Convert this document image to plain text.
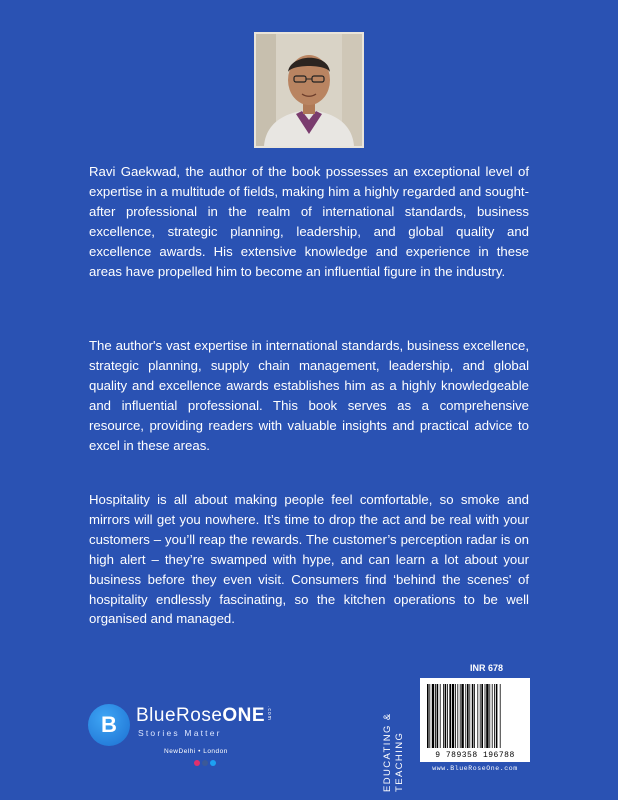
Ravi Gaekwad, the author of the book possesses an exceptional level of expertise in a multitude of fields, making him a highly regarded and sought-after professional in the realm of international standards, business excellence, strategic planning, leadership, and global quality and excellence awards. His extensive knowledge and experience in these areas have propelled him to become an influential figure in the industry.

The author's vast expertise in international standards, business excellence, strategic planning, supply chain management, leadership, and global quality and excellence awards establishes him as a highly knowledgeable and influential professional. This book serves as a comprehensive resource, providing readers with valuable insights and practical advice to excel in these areas.

Hospitality is all about making people feel comfortable, so smoke and mirrors will get you nowhere. It’s time to drop the act and be real with your customers – you’ll reap the rewards. The customer’s perception radar is on high alert – they’re swamped with hype, and can learn a lot about your business before they even visit. Consumers find ‘behind the scenes' of hospitality endlessly fascinating, so the kitchen operations to be well organised and managed.

B	BlueRoseONE .com
Stories Matter
NewDelhi • London	EDUCATING & TEACHING
INR 678
9 789358 196788
www.BlueRoseOne.com
